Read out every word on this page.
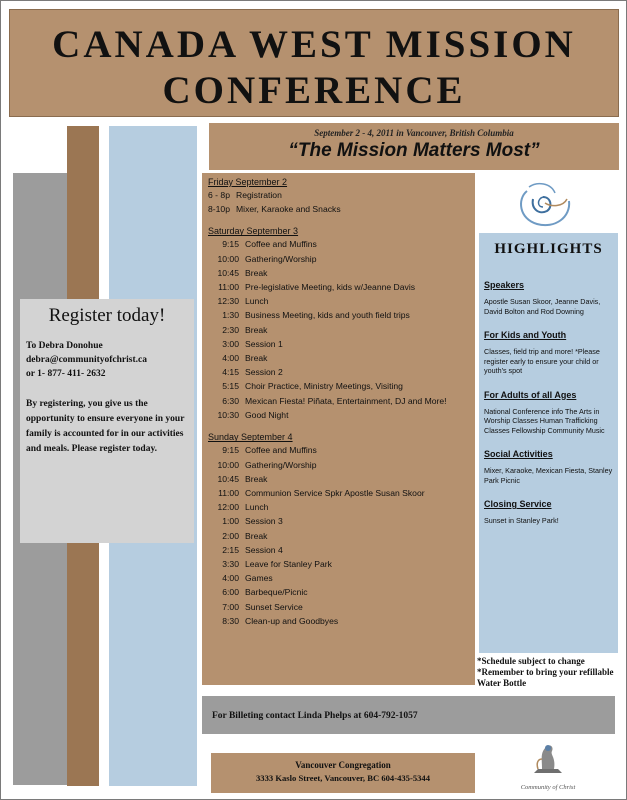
CANADA WEST MISSION
CONFERENCE
September 2 - 4, 2011 in Vancouver, British Columbia
“The Mission Matters Most”
Register today!

To Debra Donohue

debra@communityofchrist.ca

or 1- 877- 411- 2632

By registering, you give us the opportunity to ensure everyone in your family is accounted for in our activities and meals. Please register today.
Friday September 2
6 - 8p Registration
8-10p Mixer, Karaoke and Snacks
Saturday September 3
9:15 Coffee and Muffins
10:00 Gathering/Worship
10:45 Break
11:00 Pre-legislative Meeting, kids w/Jeanne Davis
12:30 Lunch
1:30 Business Meeting, kids and youth field trips
2:30 Break
3:00 Session 1
4:00 Break
4:15 Session 2
5:15 Choir Practice, Ministry Meetings, Visiting
6:30 Mexican Fiesta! Piñata, Entertainment, DJ and More!
10:30 Good Night
Sunday September 4
9:15 Coffee and Muffins
10:00 Gathering/Worship
10:45 Break
11:00 Communion Service Spkr Apostle Susan Skoor
12:00 Lunch
1:00 Session 3
2:00 Break
2:15 Session 4
3:30 Leave for Stanley Park
4:00 Games
6:00 Barbeque/Picnic
7:00 Sunset Service
8:30 Clean-up and Goodbyes
HIGHLIGHTS
Speakers
Apostle Susan Skoor, Jeanne Davis, David Bolton and Rod Downing
For Kids and Youth
Classes, field trip and more! *Please register early to ensure your child or youth's spot
For Adults of all Ages
National Conference info The Arts in Worship Classes Human Trafficking Classes Fellowship Community Music
Social Activities
Mixer, Karaoke, Mexican Fiesta, Stanley Park Picnic
Closing Service
Sunset in Stanley Park!
*Schedule subject to change
*Remember to bring your refillable Water Bottle
For Billeting contact Linda Phelps at 604-792-1057
Vancouver Congregation
3333 Kaslo Street, Vancouver, BC 604-435-5344
Community of Christ
